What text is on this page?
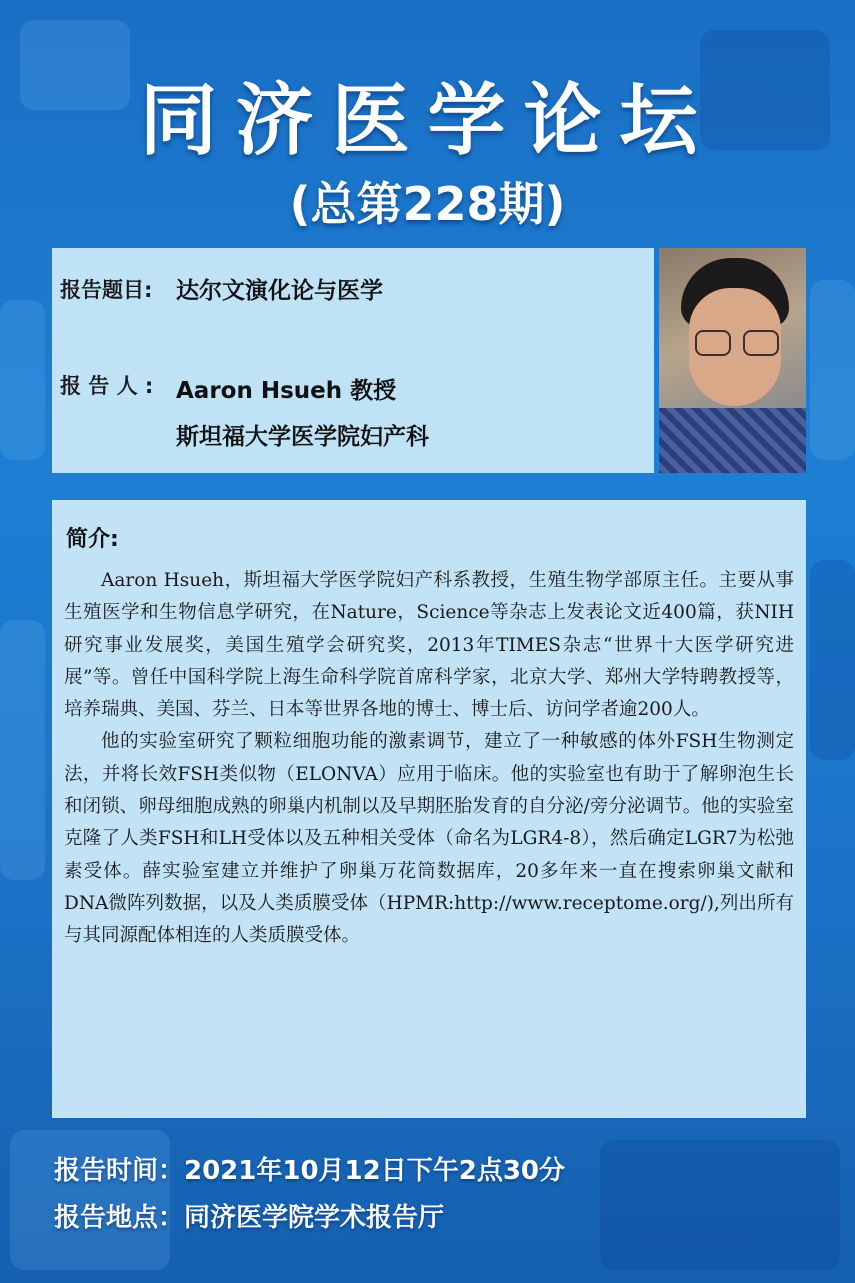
同济医学论坛
(总第228期)
报告题目: 达尔文演化论与医学
报 告 人 : Aaron Hsueh 教授
斯坦福大学医学院妇产科
简介:

Aaron Hsueh，斯坦福大学医学院妇产科系教授，生殖生物学部原主任。主要从事生殖医学和生物信息学研究，在Nature，Science等杂志上发表论文近400篇，获NIH研究事业发展奖，美国生殖学会研究奖，2013年TIMES杂志“世界十大医学研究进展”等。曾任中国科学院上海生命科学院首席科学家，北京大学、郑州大学特聘教授等，培养瑞典、美国、芬兰、日本等世界各地的博士、博士后、访问学者逾200人。

他的实验室研究了颗粒细胞功能的激素调节，建立了一种敏感的体外FSH生物测定法，并将长效FSH类似物（ELONVA）应用于临床。他的实验室也有助于了解卵泡生长和闭锁、卵母细胞成熟的卵巢内机制以及早期胚胎发育的自分泌/旁分泌调节。他的实验室克隆了人类FSH和LH受体以及五种相关受体（命名为LGR4-8），然后确定LGR7为松弛素受体。薛实验室建立并维护了卵巢万花筒数据库，20多年来一直在搜索卵巢文献和DNA微阵列数据，以及人类质膜受体（HPMR:http://www.receptome.org/),列出所有与其同源配体相连的人类质膜受体。

报告时间：2021年10月12日下午2点30分
报告地点：同济医学院学术报告厅
